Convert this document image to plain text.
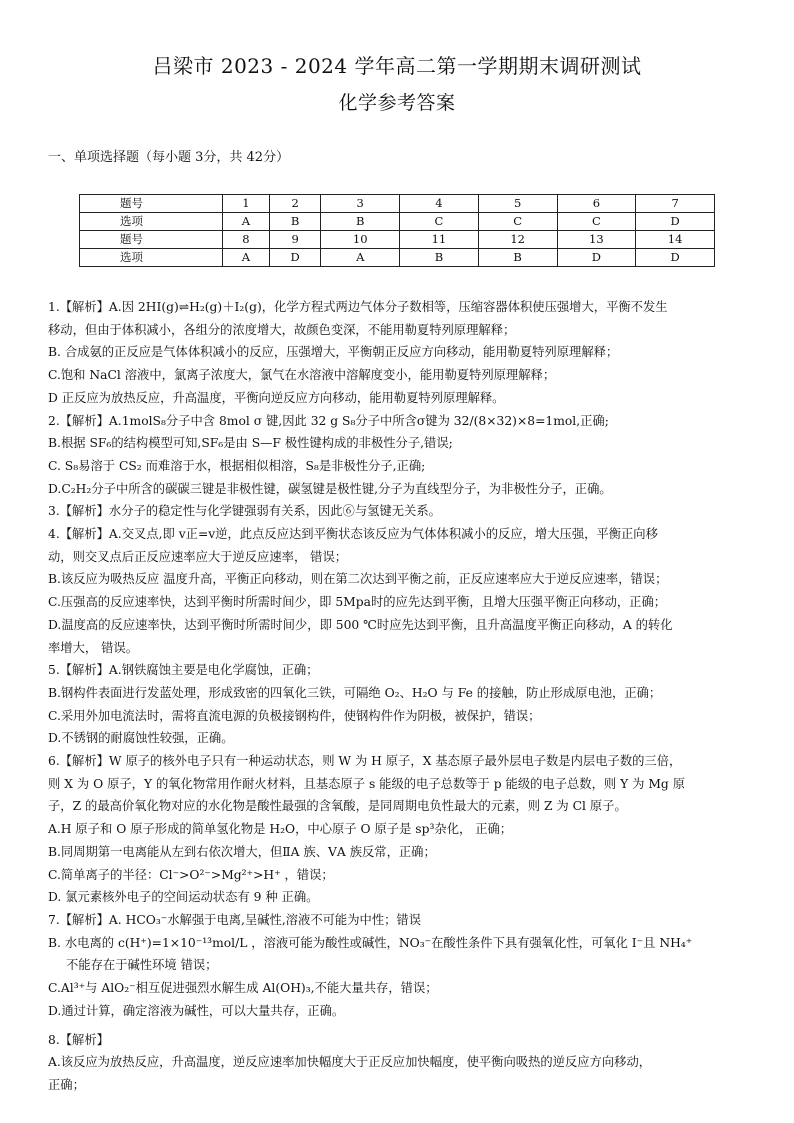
吕梁市 2023 - 2024 学年高二第一学期期末调研测试
化学参考答案
一、单项选择题（每小题 3分，共 42分）
题号	1	2	3	4	5	6	7
选项	A	B	B	C	C	C	D
题号	8	9	10	11	12	13	14
选项	A	D	A	B	B	D	D

1.【解析】A.因 2HI(g)⇌H₂(g)＋I₂(g)，化学方程式两边气体分子数相等，压缩容器体积使压强增大，平衡不发生

移动，但由于体积减小，各组分的浓度增大，故颜色变深，不能用勒夏特列原理解释；

B. 合成氨的正反应是气体体积减小的反应，压强增大，平衡朝正反应方向移动，能用勒夏特列原理解释；

C.饱和 NaCl 溶液中，氯离子浓度大，氯气在水溶液中溶解度变小，能用勒夏特列原理解释；

D 正反应为放热反应，升高温度，平衡向逆反应方向移动，能用勒夏特列原理解释。

2.【解析】A.1molS₈分子中含 8mol σ 键,因此 32 g S₈分子中所含σ键为 32/(8×32)×8=1mol,正确;

B.根据 SF₆的结构模型可知,SF₆是由 S—F 极性键构成的非极性分子,错误;

C. S₈易溶于 CS₂ 而难溶于水，根据相似相溶，S₈是非极性分子,正确;

D.C₂H₂分子中所含的碳碳三键是非极性键，碳氢键是极性键,分子为直线型分子，为非极性分子，正确。

3.【解析】水分子的稳定性与化学键强弱有关系，因此⑥与氢键无关系。

4.【解析】A.交叉点,即 v正=v逆，此点反应达到平衡状态该反应为气体体积减小的反应，增大压强，平衡正向移

动，则交叉点后正反应速率应大于逆反应速率， 错误；

B.该反应为吸热反应 温度升高，平衡正向移动，则在第二次达到平衡之前，正反应速率应大于逆反应速率，错误；

C.压强高的反应速率快，达到平衡时所需时间少，即 5Mpa时的应先达到平衡，且增大压强平衡正向移动，正确；

D.温度高的反应速率快，达到平衡时所需时间少，即 500 ℃时应先达到平衡，且升高温度平衡正向移动，A 的转化

率增大， 错误。

5.【解析】A.钢铁腐蚀主要是电化学腐蚀，正确；

B.钢构件表面进行发蓝处理，形成致密的四氧化三铁，可隔绝 O₂、H₂O 与 Fe 的接触，防止形成原电池，正确；

C.采用外加电流法时，需将直流电源的负极接钢构件，使钢构件作为阴极，被保护，错误；

D.不锈钢的耐腐蚀性较强，正确。

6.【解析】W 原子的核外电子只有一种运动状态，则 W 为 H 原子，X 基态原子最外层电子数是内层电子数的三倍，

则 X 为 O 原子，Y 的氧化物常用作耐火材料，且基态原子 s 能级的电子总数等于 p 能级的电子总数，则 Y 为 Mg 原

子，Z 的最高价氧化物对应的水化物是酸性最强的含氧酸，是同周期电负性最大的元素，则 Z 为 Cl 原子。

A.H 原子和 O 原子形成的简单氢化物是 H₂O，中心原子 O 原子是 sp³杂化， 正确；

B.同周期第一电离能从左到右依次增大，但ⅡA 族、ⅤA 族反常，正确；

C.简单离子的半径：Cl⁻>O²⁻>Mg²⁺>H⁺ ，错误；

D. 氯元素核外电子的空间运动状态有 9 种 正确。

7.【解析】A. HCO₃⁻水解强于电离,呈碱性,溶液不可能为中性；错误

B. 水电离的 c(H⁺)=1×10⁻¹³mol/L ，溶液可能为酸性或碱性，NO₃⁻在酸性条件下具有强氧化性，可氧化 I⁻且 NH₄⁺

不能存在于碱性环境 错误；

C.Al³⁺与 AlO₂⁻相互促进强烈水解生成 Al(OH)₃,不能大量共存，错误；

D.通过计算，确定溶液为碱性，可以大量共存，正确。

8.【解析】

A.该反应为放热反应，升高温度，逆反应速率加快幅度大于正反应加快幅度，使平衡向吸热的逆反应方向移动，

正确；
